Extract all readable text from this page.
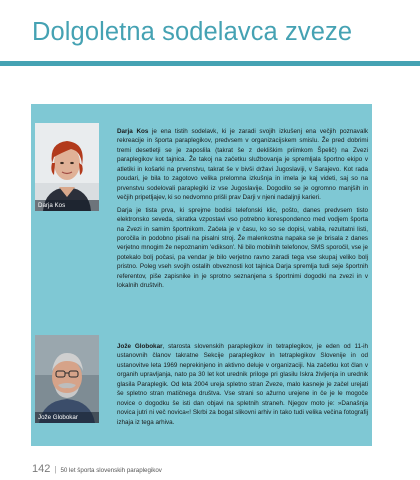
Dolgoletna sodelavca zveze
Darja Kos

Darja Kos je ena tistih sodelavk, ki je zaradi svojih izkušenj ena večjih poznavalk rekreacije in športa paraplegikov, predvsem v organizacijskem smislu. Že pred dobrimi tremi desetletji se je zaposlila (takrat še z dekliškim priimkom Špelič) na Zvezi paraplegikov kot tajnica. Že takoj na začetku službovanja je spremljala športno ekipo v atletiki in košarki na prvenstvu, takrat še v bivši državi Jugoslaviji, v Sarajevo. Kot rada poudari, je bila to zagotovo velika prelomna izkušnja in imela je kaj videti, saj so na prvenstvu sodelovali paraplegiki iz vse Jugoslavije. Dogodilo se je ogromno manjših in večjih pripetljajev, ki so nedvomno prišli prav Darji v njeni nadaljnji karieri.

Darja je tista prva, ki sprejme bodisi telefonski klic, pošto, danes predvsem tisto elektronsko seveda, skratka vzpostavi vso potrebno korespondenco med vodjem športa na Zvezi in samim športnikom. Začela je v času, ko so se dopisi, vabila, rezultatni listi, poročila in podobno pisali na pisalni stroj. Že malenkostna napaka se je brisala z danes verjetno mnogim že nepoznanim 'edikson'. Ni bilo mobilnih telefonov, SMS sporočil, vse je potekalo bolj počasi, pa vendar je bilo verjetno ravno zaradi tega vse skupaj veliko bolj pristno. Poleg vseh svojih ostalih obveznosti kot tajnica Darja spremlja tudi seje športnih referentov, piše zapisnike in je sprotno seznanjena s športnimi dogodki na zvezi in v lokalnih društvih.

Jože Globokar

Jože Globokar, starosta slovenskih paraplegikov in tetraplegikov, je eden od 11-ih ustanovnih članov takratne Sekcije paraplegikov in tetraplegikov Slovenije in od ustanovitve leta 1969 neprekinjeno in aktivno deluje v organizaciji. Na začetku kot član v organih upravljanja, nato pa 30 let kot urednik priloge pri glasilu Iskra življenja in urednik glasila Paraplegik. Od leta 2004 ureja spletno stran Zveze, malo kasneje je začel urejati še spletno stran matičnega društva. Vse strani so ažurno urejene in če je le mogoče novice o dogodku še isti dan objavi na spletnih straneh. Njegov moto je: »Današnja novica jutri ni več novica«! Skrbi za bogat slikovni arhiv in tako tudi velika večina fotografij izhaja iz tega arhiva.

142 | 50 let športa slovenskih paraplegikov
